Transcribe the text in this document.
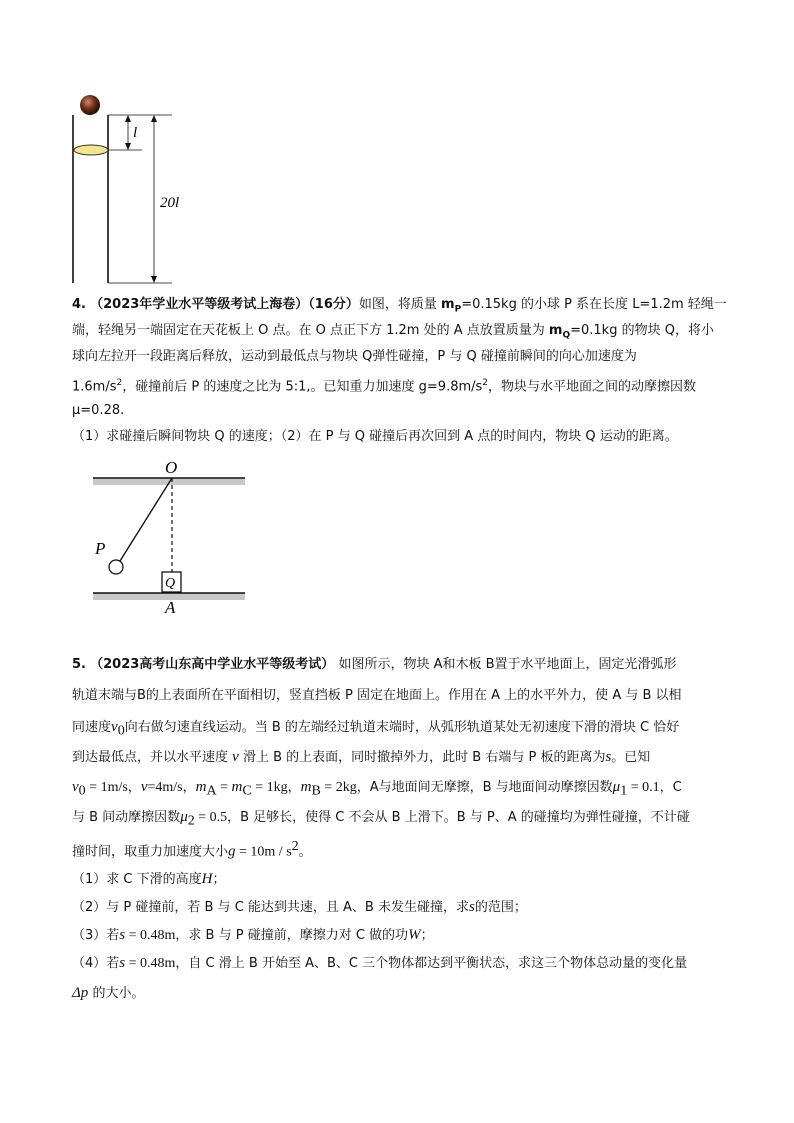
l
20l
4. （2023年学业水平等级考试上海卷）（16分）如图，将质量 $m_P=0.15kg$ 的小球 P 系在长度 L=1.2m 轻绳一
端，轻绳另一端固定在天花板上 O 点。在 O 点正下方 1.2m 处的 A 点放置质量为 $m_Q=0.1kg$ 的物块 Q，将小
球向左拉开一段距离后释放，运动到最低点与物块 Q弹性碰撞，P 与 Q 碰撞前瞬间的向心加速度为
$1.6m/s^2$，碰撞前后 P 的速度之比为 5:1,。已知重力加速度 $g=9.8m/s^2$，物块与水平地面之间的动摩擦因数
μ=0.28.
（1）求碰撞后瞬间物块 Q 的速度；（2）在 P 与 Q 碰撞后再次回到 A 点的时间内，物块 Q 运动的距离。
O
P
Q
A
5. （2023高考山东高中学业水平等级考试） 如图所示，物块 A和木板 B置于水平地面上，固定光滑弧形
轨道末端与B的上表面所在平面相切，竖直挡板 P 固定在地面上。作用在 A 上的水平外力，使 A 与 B 以相
同速度$v_0$向右做匀速直线运动。当 B 的左端经过轨道末端时，从弧形轨道某处无初速度下滑的滑块 C 恰好
到达最低点，并以水平速度 v 滑上 B 的上表面，同时撤掉外力，此时 B 右端与 P 板的距离为s。已知
$v_0 = 1m/s$，v=4m/s，$m_A = m_C = 1kg$，$m_B = 2kg$，A与地面间无摩擦，B 与地面间动摩擦因数$\mu_1 = 0.1$，C
与 B 间动摩擦因数$\mu_2 = 0.5$，B 足够长，使得 C 不会从 B 上滑下。B 与 P、A 的碰撞均为弹性碰撞，不计碰
撞时间，取重力加速度大小$g = 10m / s^2$。
（1）求 C 下滑的高度H；
（2）与 P 碰撞前，若 B 与 C 能达到共速，且 A、B 未发生碰撞，求s的范围；
（3）若s = 0.48m，求 B 与 P 碰撞前，摩擦力对 C 做的功W；
（4）若s = 0.48m，自 C 滑上 B 开始至 A、B、C 三个物体都达到平衡状态，求这三个物体总动量的变化量
Δp 的大小。
